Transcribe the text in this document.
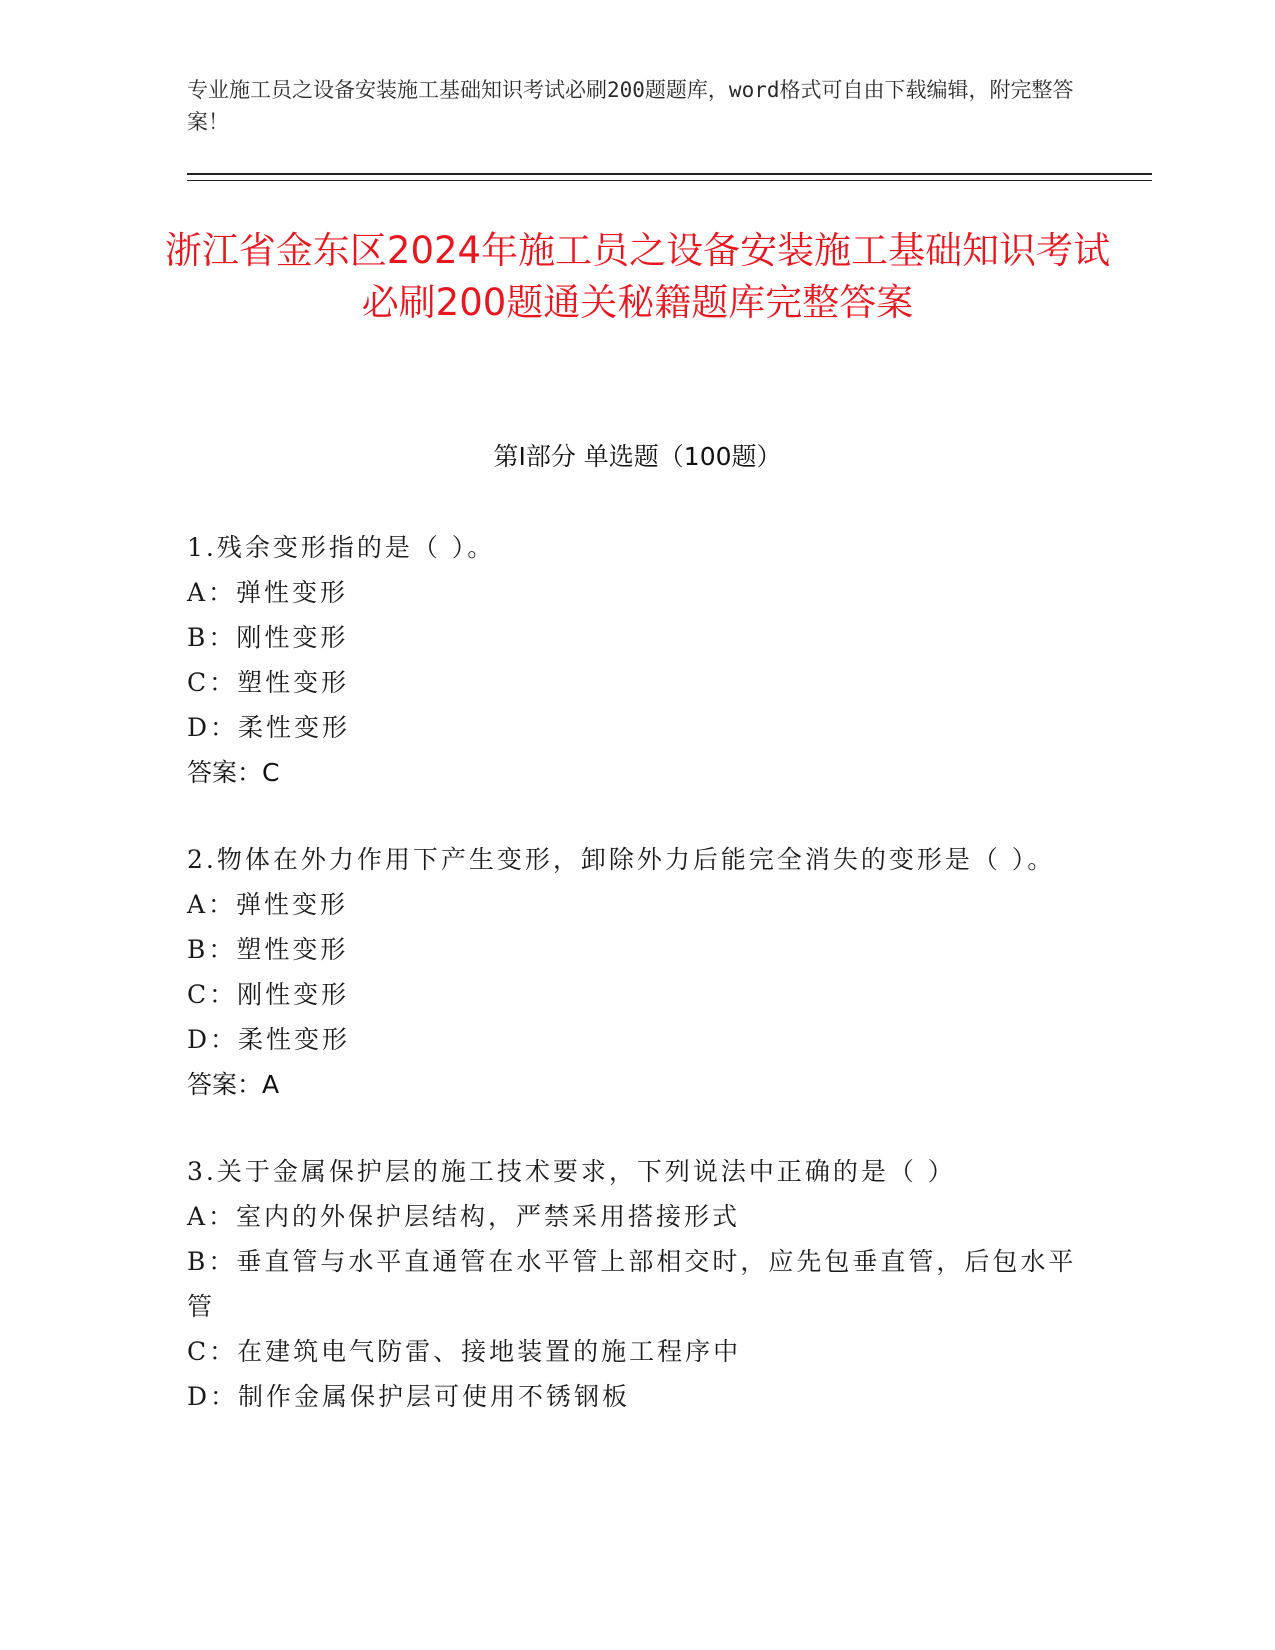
专业施工员之设备安装施工基础知识考试必刷200题题库，word格式可自由下载编辑，附完整答案！
浙江省金东区2024年施工员之设备安装施工基础知识考试必刷200题通关秘籍题库完整答案
第Ⅰ部分 单选题（100题）
1.残余变形指的是（ ）。
A：弹性变形
B：刚性变形
C：塑性变形
D：柔性变形
答案：C
2.物体在外力作用下产生变形，卸除外力后能完全消失的变形是（ ）。
A：弹性变形
B：塑性变形
C：刚性变形
D：柔性变形
答案：A
3.关于金属保护层的施工技术要求，下列说法中正确的是（ ）
A：室内的外保护层结构，严禁采用搭接形式
B：垂直管与水平直通管在水平管上部相交时，应先包垂直管，后包水平管
C：在建筑电气防雷、接地装置的施工程序中
D：制作金属保护层可使用不锈钢板
